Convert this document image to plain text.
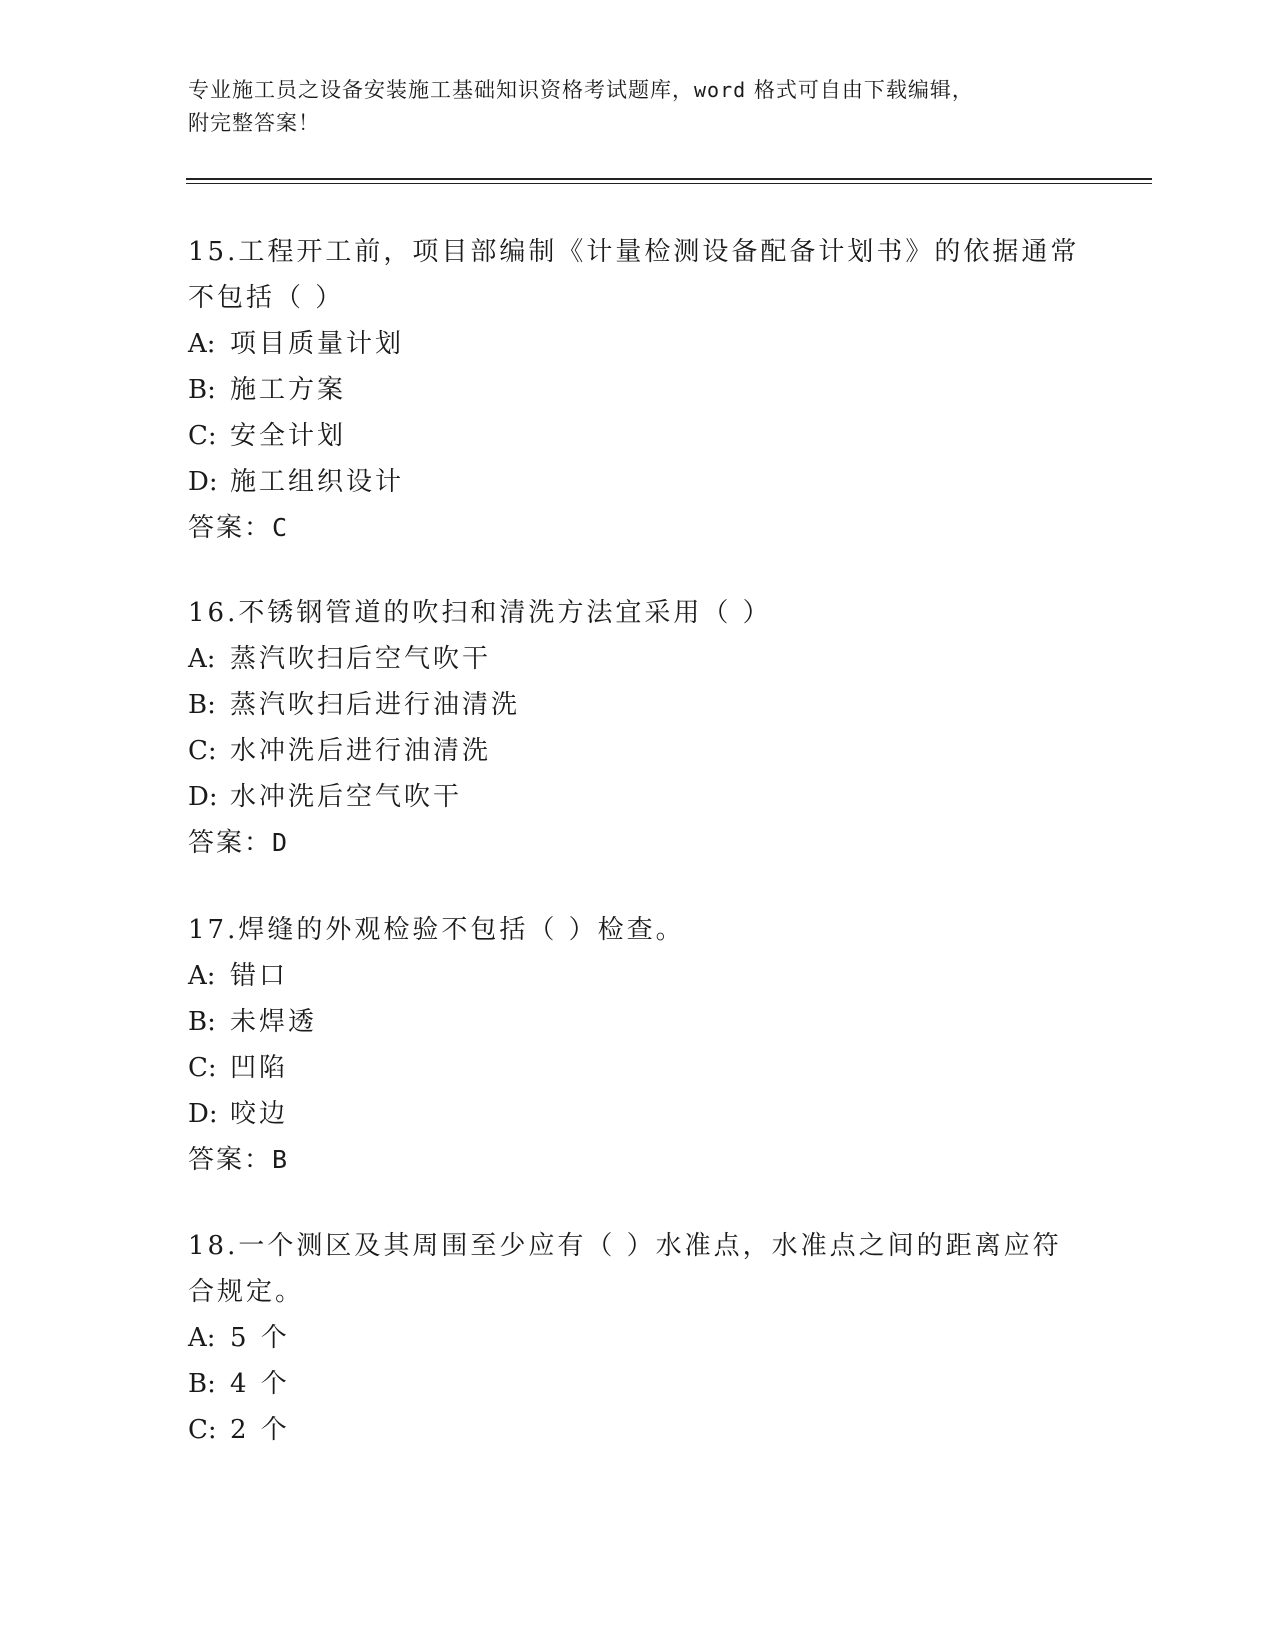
专业施工员之设备安装施工基础知识资格考试题库，word 格式可自由下载编辑，
附完整答案！
15.工程开工前，项目部编制《计量检测设备配备计划书》的依据通常
不包括（ ）
A: 项目质量计划
B: 施工方案
C: 安全计划
D: 施工组织设计
答案：C
16.不锈钢管道的吹扫和清洗方法宜采用（ ）
A: 蒸汽吹扫后空气吹干
B: 蒸汽吹扫后进行油清洗
C: 水冲洗后进行油清洗
D: 水冲洗后空气吹干
答案：D
17.焊缝的外观检验不包括（ ）检查。
A: 错口
B: 未焊透
C: 凹陷
D: 咬边
答案：B
18.一个测区及其周围至少应有（ ）水准点，水准点之间的距离应符
合规定。
A: 5 个
B: 4 个
C: 2 个
